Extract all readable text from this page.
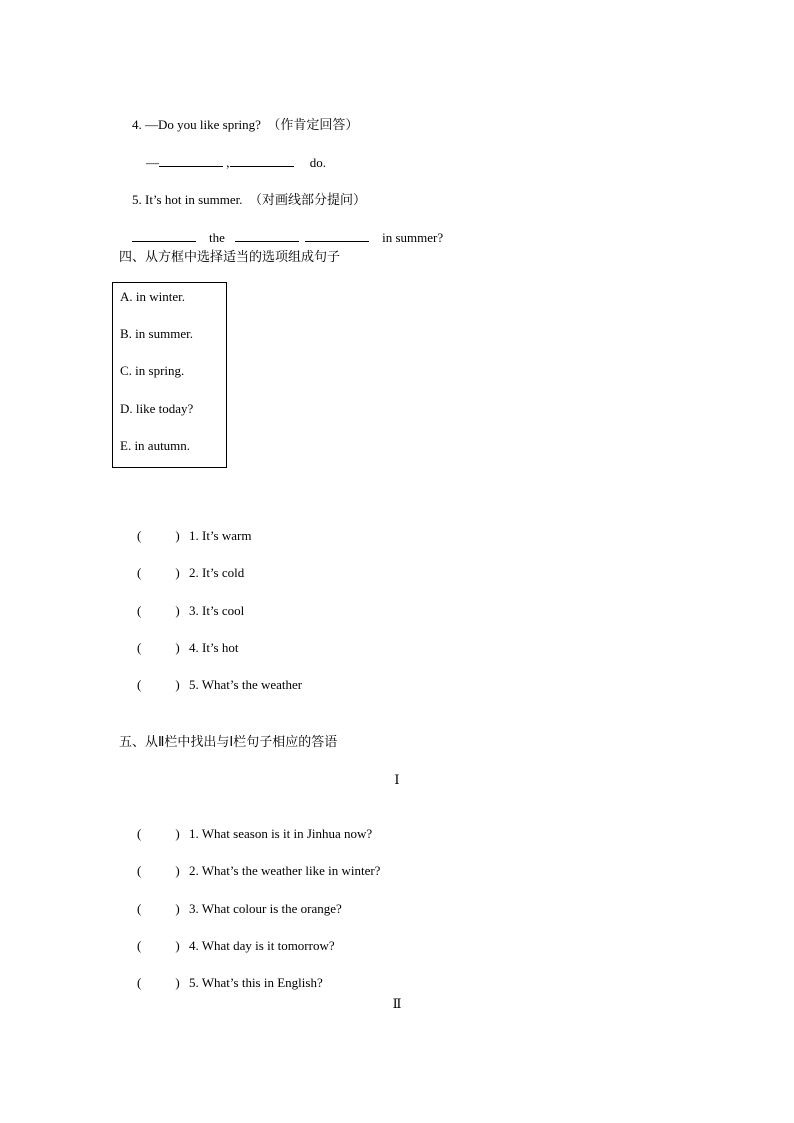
4. —Do you like spring? （作肯定回答）

—	,	do.

5. It’s hot in summer. （对画线部分提问）

the	in summer?

四、从方框中选择适当的选项组成句子
A. in winter.
B. in summer.
C. in spring.
D. like today?
E. in autumn.

(	) 1. It’s warm

(	) 2. It’s cold

(	) 3. It’s cool

(	) 4. It’s hot

(	) 5. What’s the weather

五、从Ⅱ栏中找出与Ⅰ栏句子相应的答语
Ⅰ

(	) 1. What season is it in Jinhua now?

(	) 2. What’s the weather like in winter?

(	) 3. What colour is the orange?

(	) 4. What day is it tomorrow?

(	) 5. What’s this in English?

Ⅱ
